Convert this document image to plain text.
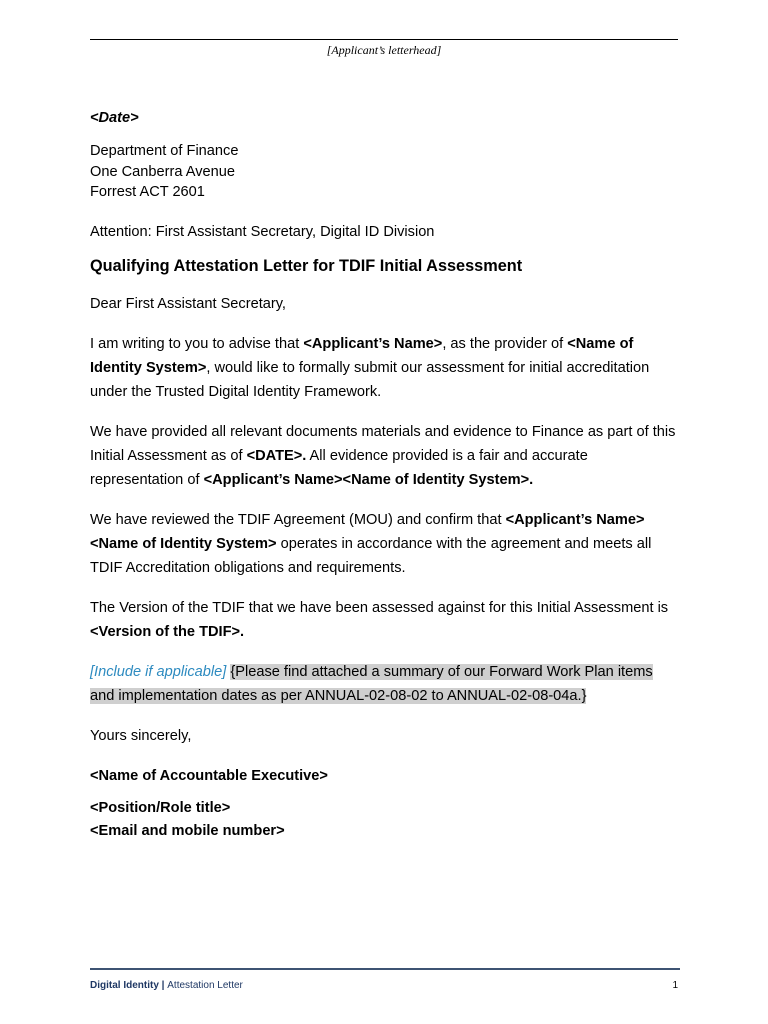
[Applicant’s letterhead]

<Date>

Department of Finance
One Canberra Avenue
Forrest ACT 2601

Attention: First Assistant Secretary, Digital ID Division

Qualifying Attestation Letter for TDIF Initial Assessment

Dear First Assistant Secretary,

I am writing to you to advise that <Applicant’s Name>, as the provider of <Name of Identity System>, would like to formally submit our assessment for initial accreditation under the Trusted Digital Identity Framework.

We have provided all relevant documents materials and evidence to Finance as part of this Initial Assessment as of <DATE>. All evidence provided is a fair and accurate representation of <Applicant’s Name><Name of Identity System>.

We have reviewed the TDIF Agreement (MOU) and confirm that <Applicant’s Name><Name of Identity System> operates in accordance with the agreement and meets all TDIF Accreditation obligations and requirements.

The Version of the TDIF that we have been assessed against for this Initial Assessment is <Version of the TDIF>.

[Include if applicable] {Please find attached a summary of our Forward Work Plan items and implementation dates as per ANNUAL-02-08-02 to ANNUAL-02-08-04a.}

Yours sincerely,

<Name of Accountable Executive>

<Position/Role title>
<Email and mobile number>

Digital Identity | Attestation Letter	1
